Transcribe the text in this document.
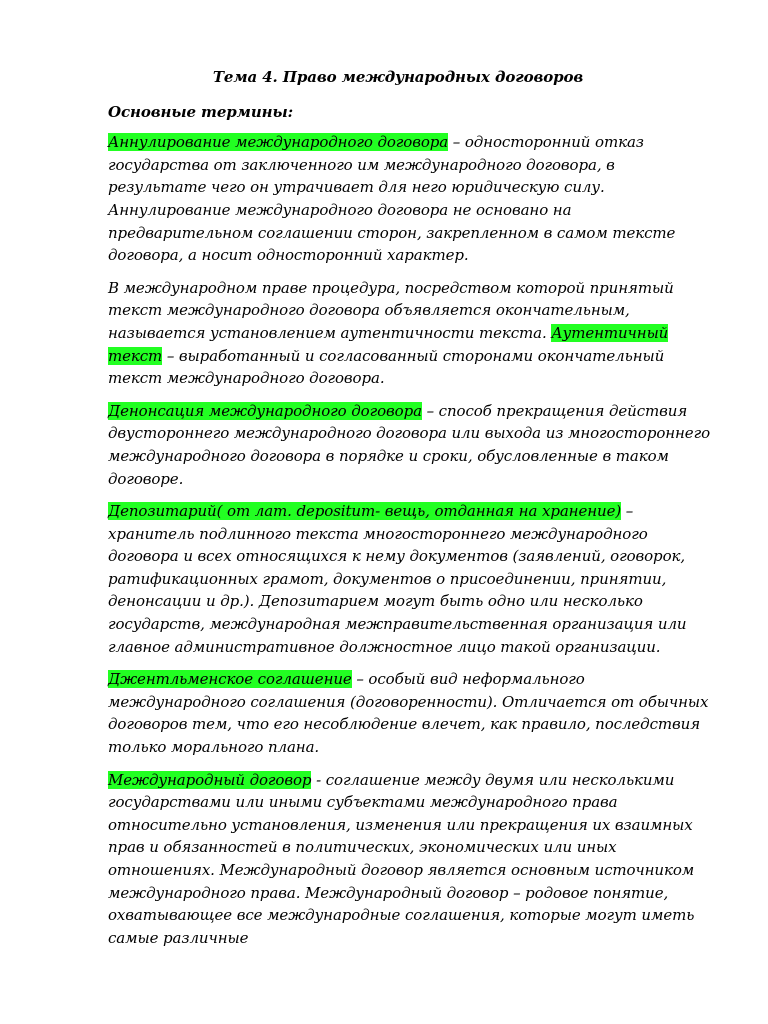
Тема 4. Право международных договоров
Основные термины:

Аннулирование международного договора – односторонний отказ государства от заключенного им международного договора, в результате чего он утрачивает для него юридическую силу. Аннулирование международного договора не основано на предварительном соглашении сторон, закрепленном в самом тексте договора, а носит односторонний характер.

В международном праве процедура, посредством которой принятый текст международного договора объявляется окончательным, называется установлением аутентичности текста. Аутентичный текст – выработанный и согласованный сторонами окончательный текст международного договора.

Денонсация международного договора – способ прекращения действия двустороннего международного договора или выхода из многостороннего международного договора в порядке и сроки, обусловленные в таком договоре.

Депозитарий( от лат. depositum- вещь, отданная на хранение) – хранитель подлинного текста многостороннего международного договора и всех относящихся к нему документов (заявлений, оговорок, ратификационных грамот, документов о присоединении, принятии, денонсации и др.). Депозитарием могут быть одно или несколько государств, международная межправительственная организация или главное административное должностное лицо такой организации.

Джентльменское соглашение – особый вид неформального международного соглашения (договоренности). Отличается от обычных договоров тем, что его несоблюдение влечет, как правило, последствия только морального плана.

Международный договор - соглашение между двумя или несколькими государствами или иными субъектами международного права относительно установления, изменения или прекращения их взаимных прав и обязанностей в политических, экономических или иных отношениях. Международный договор является основным источником международного права. Международный договор – родовое понятие, охватывающее все международные соглашения, которые могут иметь самые различные
